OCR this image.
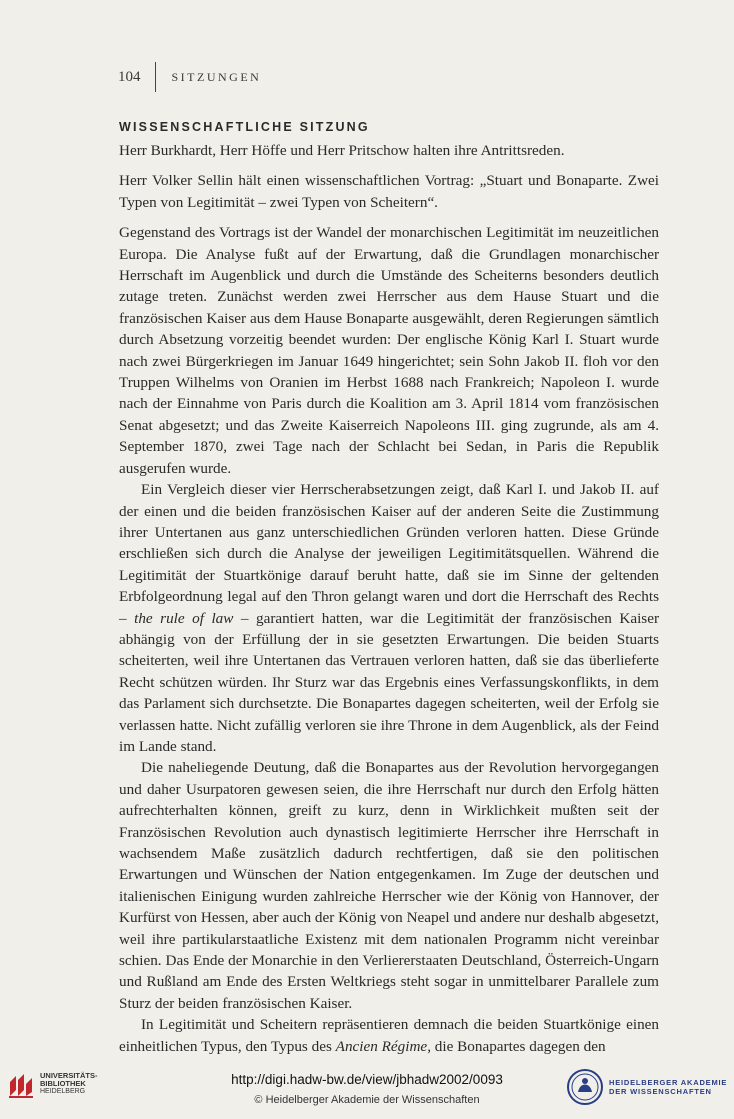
104	SITZUNGEN
WISSENSCHAFTLICHE SITZUNG

Herr Burkhardt, Herr Höffe und Herr Pritschow halten ihre Antrittsreden.

Herr Volker Sellin hält einen wissenschaftlichen Vortrag: „Stuart und Bonaparte. Zwei Typen von Legitimität – zwei Typen von Scheitern“.

Gegenstand des Vortrags ist der Wandel der monarchischen Legitimität im neuzeitlichen Europa. Die Analyse fußt auf der Erwartung, daß die Grundlagen monarchischer Herrschaft im Augenblick und durch die Umstände des Scheiterns besonders deutlich zutage treten. Zunächst werden zwei Herrscher aus dem Hause Stuart und die französischen Kaiser aus dem Hause Bonaparte ausgewählt, deren Regierungen sämtlich durch Absetzung vorzeitig beendet wurden: Der englische König Karl I. Stuart wurde nach zwei Bürgerkriegen im Januar 1649 hingerichtet; sein Sohn Jakob II. floh vor den Truppen Wilhelms von Oranien im Herbst 1688 nach Frankreich; Napoleon I. wurde nach der Einnahme von Paris durch die Koalition am 3. April 1814 vom französischen Senat abgesetzt; und das Zweite Kaiserreich Napoleons III. ging zugrunde, als am 4. September 1870, zwei Tage nach der Schlacht bei Sedan, in Paris die Republik ausgerufen wurde.

Ein Vergleich dieser vier Herrscherabsetzungen zeigt, daß Karl I. und Jakob II. auf der einen und die beiden französischen Kaiser auf der anderen Seite die Zustimmung ihrer Untertanen aus ganz unterschiedlichen Gründen verloren hatten. Diese Gründe erschließen sich durch die Analyse der jeweiligen Legitimitätsquellen. Während die Legitimität der Stuartkönige darauf beruht hatte, daß sie im Sinne der geltenden Erbfolgeordnung legal auf den Thron gelangt waren und dort die Herrschaft des Rechts – the rule of law – garantiert hatten, war die Legitimität der französischen Kaiser abhängig von der Erfüllung der in sie gesetzten Erwartungen. Die beiden Stuarts scheiterten, weil ihre Untertanen das Vertrauen verloren hatten, daß sie das überlieferte Recht schützen würden. Ihr Sturz war das Ergebnis eines Verfassungskonflikts, in dem das Parlament sich durchsetzte. Die Bonapartes dagegen scheiterten, weil der Erfolg sie verlassen hatte. Nicht zufällig verloren sie ihre Throne in dem Augenblick, als der Feind im Lande stand.

Die naheliegende Deutung, daß die Bonapartes aus der Revolution hervorgegangen und daher Usurpatoren gewesen seien, die ihre Herrschaft nur durch den Erfolg hätten aufrechterhalten können, greift zu kurz, denn in Wirklichkeit mußten seit der Französischen Revolution auch dynastisch legitimierte Herrscher ihre Herrschaft in wachsendem Maße zusätzlich dadurch rechtfertigen, daß sie den politischen Erwartungen und Wünschen der Nation entgegenkamen. Im Zuge der deutschen und italienischen Einigung wurden zahlreiche Herrscher wie der König von Hannover, der Kurfürst von Hessen, aber auch der König von Neapel und andere nur deshalb abgesetzt, weil ihre partikularstaatliche Existenz mit dem nationalen Programm nicht vereinbar schien. Das Ende der Monarchie in den Verliererstaaten Deutschland, Österreich-Ungarn und Rußland am Ende des Ersten Weltkriegs steht sogar in unmittelbarer Parallele zum Sturz der beiden französischen Kaiser.

In Legitimität und Scheitern repräsentieren demnach die beiden Stuartkönige einen einheitlichen Typus, den Typus des Ancien Régime, die Bonapartes dagegen den

UNIVERSITÄTS-
BIBLIOTHEK
HEIDELBERG
http://digi.hadw-bw.de/view/jbhadw2002/0093
© Heidelberger Akademie der Wissenschaften
HEIDELBERGER AKADEMIE
DER WISSENSCHAFTEN
